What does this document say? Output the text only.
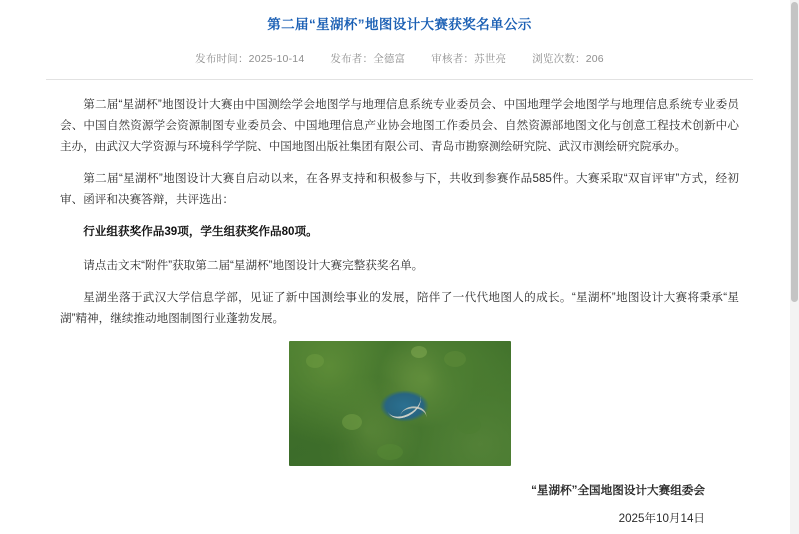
第二届“星湖杯”地图设计大赛获奖名单公示
发布时间：2025-10-14 发布者：全德富 审核者：苏世亮 浏览次数：206

第二届“星湖杯”地图设计大赛由中国测绘学会地图学与地理信息系统专业委员会、中国地理学会地图学与地理信息系统专业委员会、中国自然资源学会资源制图专业委员会、中国地理信息产业协会地图工作委员会、自然资源部地图文化与创意工程技术创新中心主办，由武汉大学资源与环境科学学院、中国地图出版社集团有限公司、青岛市勘察测绘研究院、武汉市测绘研究院承办。

第二届“星湖杯”地图设计大赛自启动以来，在各界支持和积极参与下，共收到参赛作品585件。大赛采取“双盲评审”方式，经初审、函评和决赛答辩，共评选出：

行业组获奖作品39项，学生组获奖作品80项。

请点击文末“附件”获取第二届“星湖杯”地图设计大赛完整获奖名单。

星湖坐落于武汉大学信息学部，见证了新中国测绘事业的发展，陪伴了一代代地图人的成长。“星湖杯”地图设计大赛将秉承“星湖”精神，继续推动地图制图行业蓬勃发展。

“星湖杯”全国地图设计大赛组委会
2025年10月14日
